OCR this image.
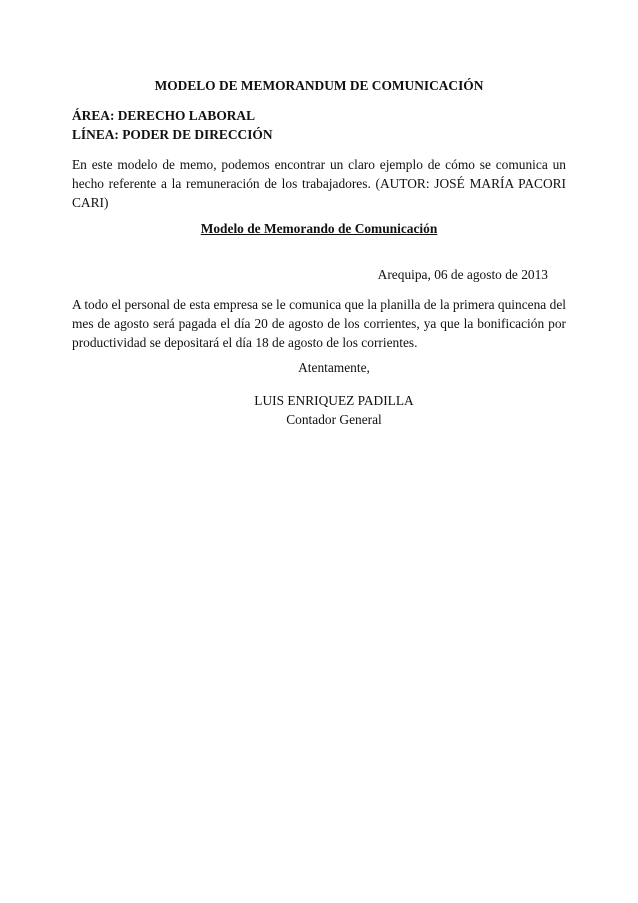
MODELO DE MEMORANDUM DE COMUNICACIÓN

ÁREA: DERECHO LABORAL
LÍNEA: PODER DE DIRECCIÓN

En este modelo de memo, podemos encontrar un claro ejemplo de cómo se comunica un hecho referente a la remuneración de los trabajadores. (AUTOR: JOSÉ MARÍA PACORI CARI)

Modelo de Memorando de Comunicación

Arequipa, 06 de agosto de 2013

A todo el personal de esta empresa se le comunica que la planilla de la primera quincena del mes de agosto será pagada el día 20 de agosto de los corrientes, ya que la bonificación por productividad se depositará el día 18 de agosto de los corrientes.

Atentamente,

LUIS ENRIQUEZ PADILLA
Contador General
